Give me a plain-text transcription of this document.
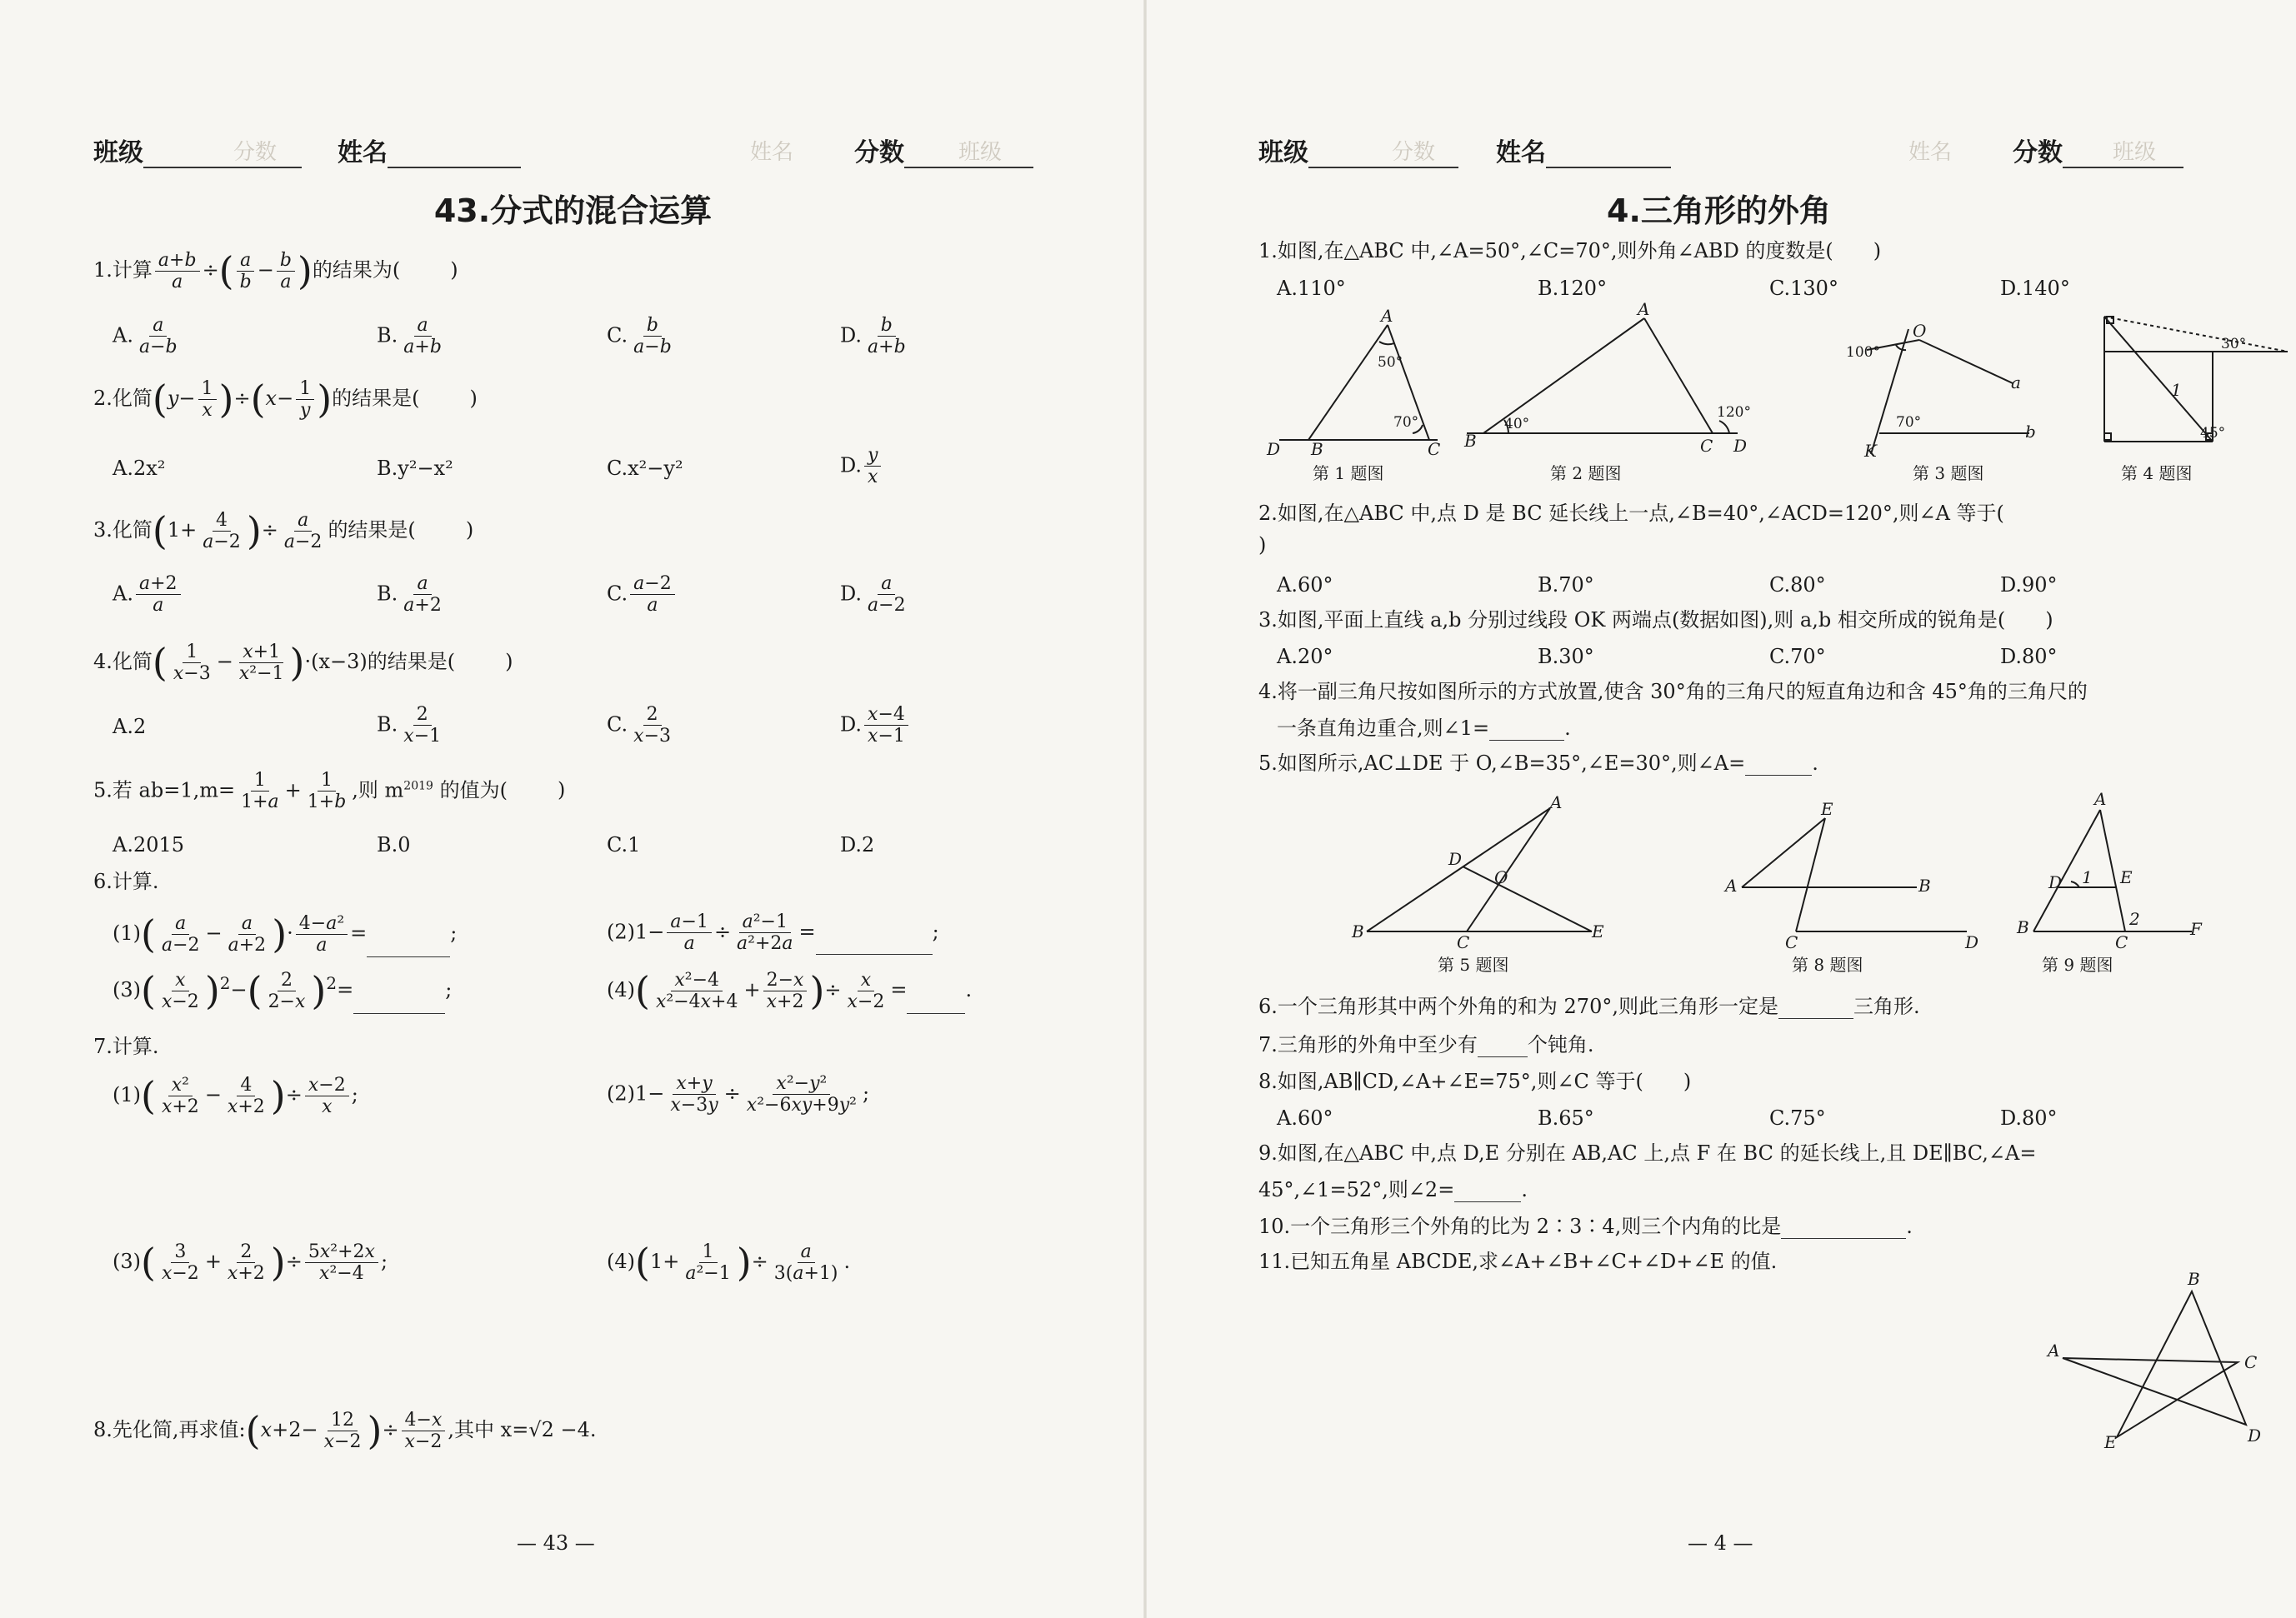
班级	分数 姓名	姓名 分数	班级
43.分式的混合运算
1.计算 $\frac{a+b}{a}$ ÷( $\frac{a}{b} - \frac{b}{a}$ )的结果为(	)
A. $\frac{a}{a-b}$	B. $\frac{a}{a+b}$	C. $\frac{b}{a-b}$	D. $\frac{b}{a+b}$
2.化简$(y- \frac{1}{x} )\div(x- \frac{1}{y}$ )的结果是(	)
A.2x²	B.y²−x²	C.x²−y²	D. $\frac{y}{x}$
3.化简($1+ \frac{4}{a-2}$ )÷ $\frac{a}{a-2}$ 的结果是(	)
A. $\frac{a+2}{a}$	B. $\frac{a}{a+2}$	C. $\frac{a-2}{a}$	D. $\frac{a}{a-2}$
4.化简( $\frac{1}{x-3} - \frac{x+1}{\text{x²−1}} )\cdot(x-3)$的结果是(	)
A.2	B. $\frac{2}{x-1}$	C. $\frac{2}{x-3}$	D. $\frac{x-4}{x-1}$
5.若 $ab=1,m= \frac{1}{1+a} + \frac{1}{1+b}$ ,则 $m^{2019}$ 的值为(	)
A.2015	B.0	C.1	D.2
6.计算.
$(1)( \frac{a}{a-2} - \frac{a}{a+2}$ )· $\frac{\text{4−a²}}{a}$ =	;	$(2)1- \frac{a-1}{a} \div \frac{\text{a²−1}}{\text{a²+2a}}$ =	;
$(3)( \frac{x}{x-2} )^2-( \frac{2}{2-x} )^2=$	;	$(4)( \frac{\text{x²−4}}{\text{x²−4x+4}} + \frac{2-x}{x+2}$ )÷ $\frac{x}{x-2}$ =	.
7.计算.
$(1)( \frac{\text{x²}}{x+2} - \frac{4}{x+2}$ )÷ $\frac{x-2}{x}$ ;	$(2)1- \frac{x+y}{x-3y} \div \frac{\text{x²−y²}}{\text{x²−6xy+9y²}}$ ;
$(3)( \frac{3}{x-2} + \frac{2}{x+2}$ )÷ $\frac{\text{5x²+2x}}{\text{x²−4}}$ ;	$(4)(1+ \frac{1}{\text{a²−1}}$ )÷ $\frac{a}{3(a+1)}$ .
8.先化简,再求值:(x+2− $\frac{12}{x-2}$ )÷ $\frac{4-x}{x-2}$ ,其中 x=√2 −4.
— 43 —
班级	分数 姓名	姓名 分数	班级
4.三角形的外角
1.如图,在△ABC 中,∠A=50°,∠C=70°,则外角∠ABD 的度数是(　　)
A.110°	B.120°	C.130°	D.140°
A
50°
D B	C
70°
A
B
40°
C D
120°
O
100°
a
b
70°
K
30°
1
45°
第 1 题图	第 2 题图	第 3 题图	第 4 题图
2.如图,在△ABC 中,点 D 是 BC 延长线上一点,∠B=40°,∠ACD=120°,则∠A 等于(
)
A.60°	B.70°	C.80°	D.90°
3.如图,平面上直线 a,b 分别过线段 OK 两端点(数据如图),则 a,b 相交所成的锐角是(　　)
A.20°	B.30°	C.70°	D.80°
4.将一副三角尺按如图所示的方式放置,使含 30°角的三角尺的短直角边和含 45°角的三角尺的
一条直角边重合,则∠1=	.
5.如图所示,AC⊥DE 于 O,∠B=35°,∠E=30°,则∠A=	.
A
B
C
D
E
O
E
A	B
C	D
A
D 1 E
B
C
2	F
第 5 题图	第 8 题图	第 9 题图
6.一个三角形其中两个外角的和为 270°,则此三角形一定是	三角形.
7.三角形的外角中至少有	个钝角.
8.如图,AB∥CD,∠A+∠E=75°,则∠C 等于(　　)
A.60°	B.65°	C.75°	D.80°
9.如图,在△ABC 中,点 D,E 分别在 AB,AC 上,点 F 在 BC 的延长线上,且 DE∥BC,∠A=
45°,∠1=52°,则∠2=	.
10.一个三角形三个外角的比为 2∶3∶4,则三个内角的比是	.
11.已知五角星 ABCDE,求∠A+∠B+∠C+∠D+∠E 的值.
B
A
C
D
E
— 4 —
